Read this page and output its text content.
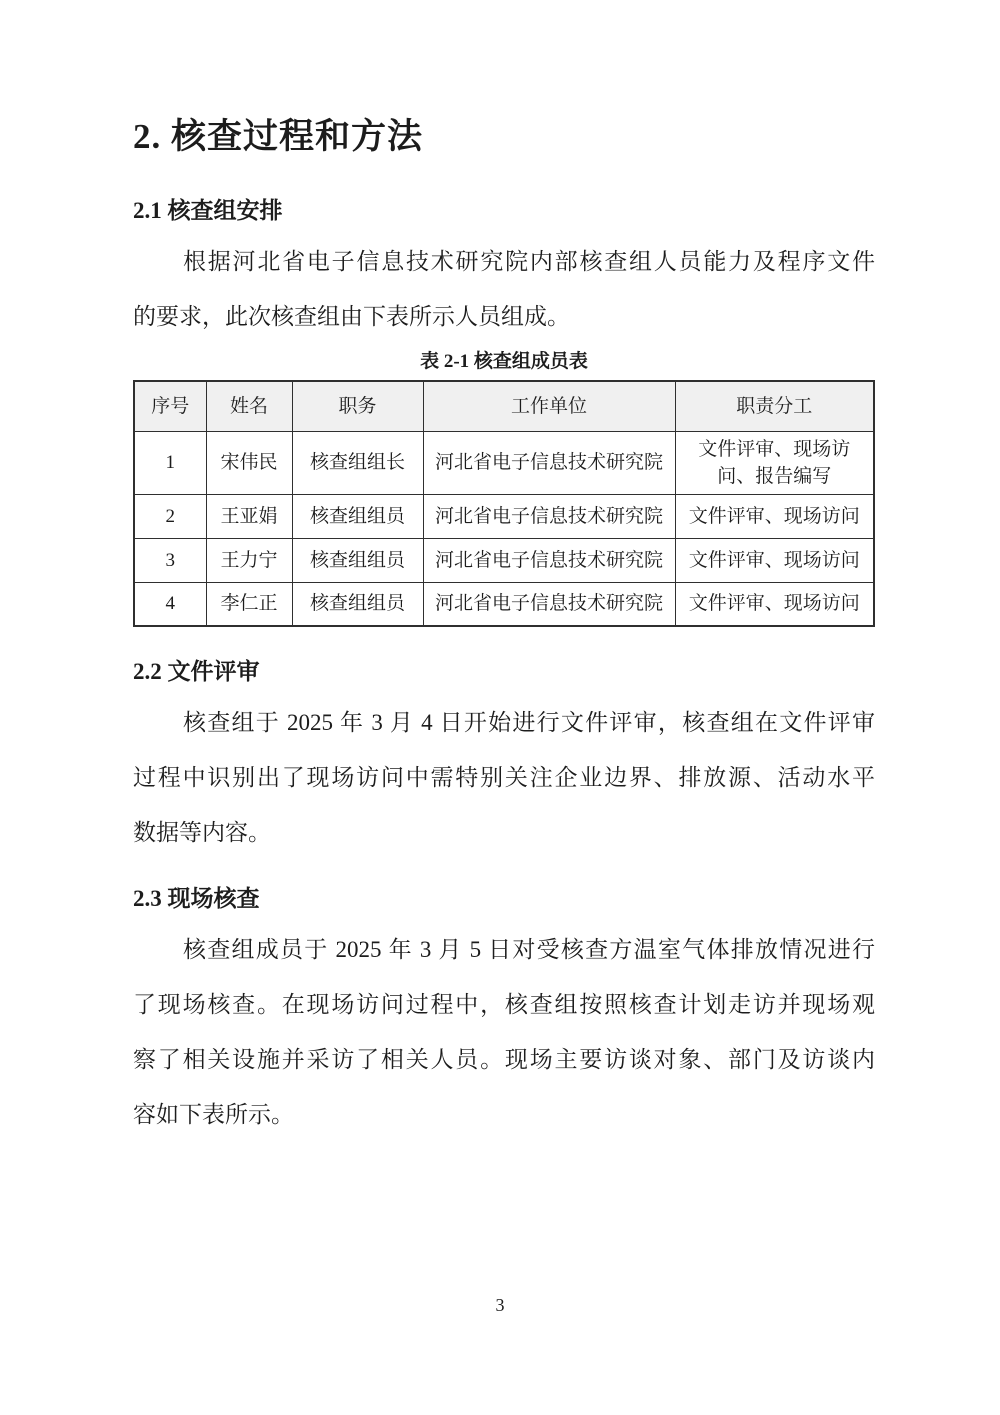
2. 核查过程和方法
2.1 核查组安排
根据河北省电子信息技术研究院内部核查组人员能力及程序文件
的要求，此次核查组由下表所示人员组成。
表 2-1 核查组成员表
序号	姓名	职务	工作单位	职责分工
1	宋伟民	核查组组长	河北省电子信息技术研究院	文件评审、现场访问、报告编写
2	王亚娟	核查组组员	河北省电子信息技术研究院	文件评审、现场访问
3	王力宁	核查组组员	河北省电子信息技术研究院	文件评审、现场访问
4	李仁正	核查组组员	河北省电子信息技术研究院	文件评审、现场访问
2.2 文件评审
核查组于 2025 年 3 月 4 日开始进行文件评审，核查组在文件评审
过程中识别出了现场访问中需特别关注企业边界、排放源、活动水平
数据等内容。
2.3 现场核查
核查组成员于 2025 年 3 月 5 日对受核查方温室气体排放情况进行
了现场核查。在现场访问过程中，核查组按照核查计划走访并现场观
察了相关设施并采访了相关人员。现场主要访谈对象、部门及访谈内
容如下表所示。
3
